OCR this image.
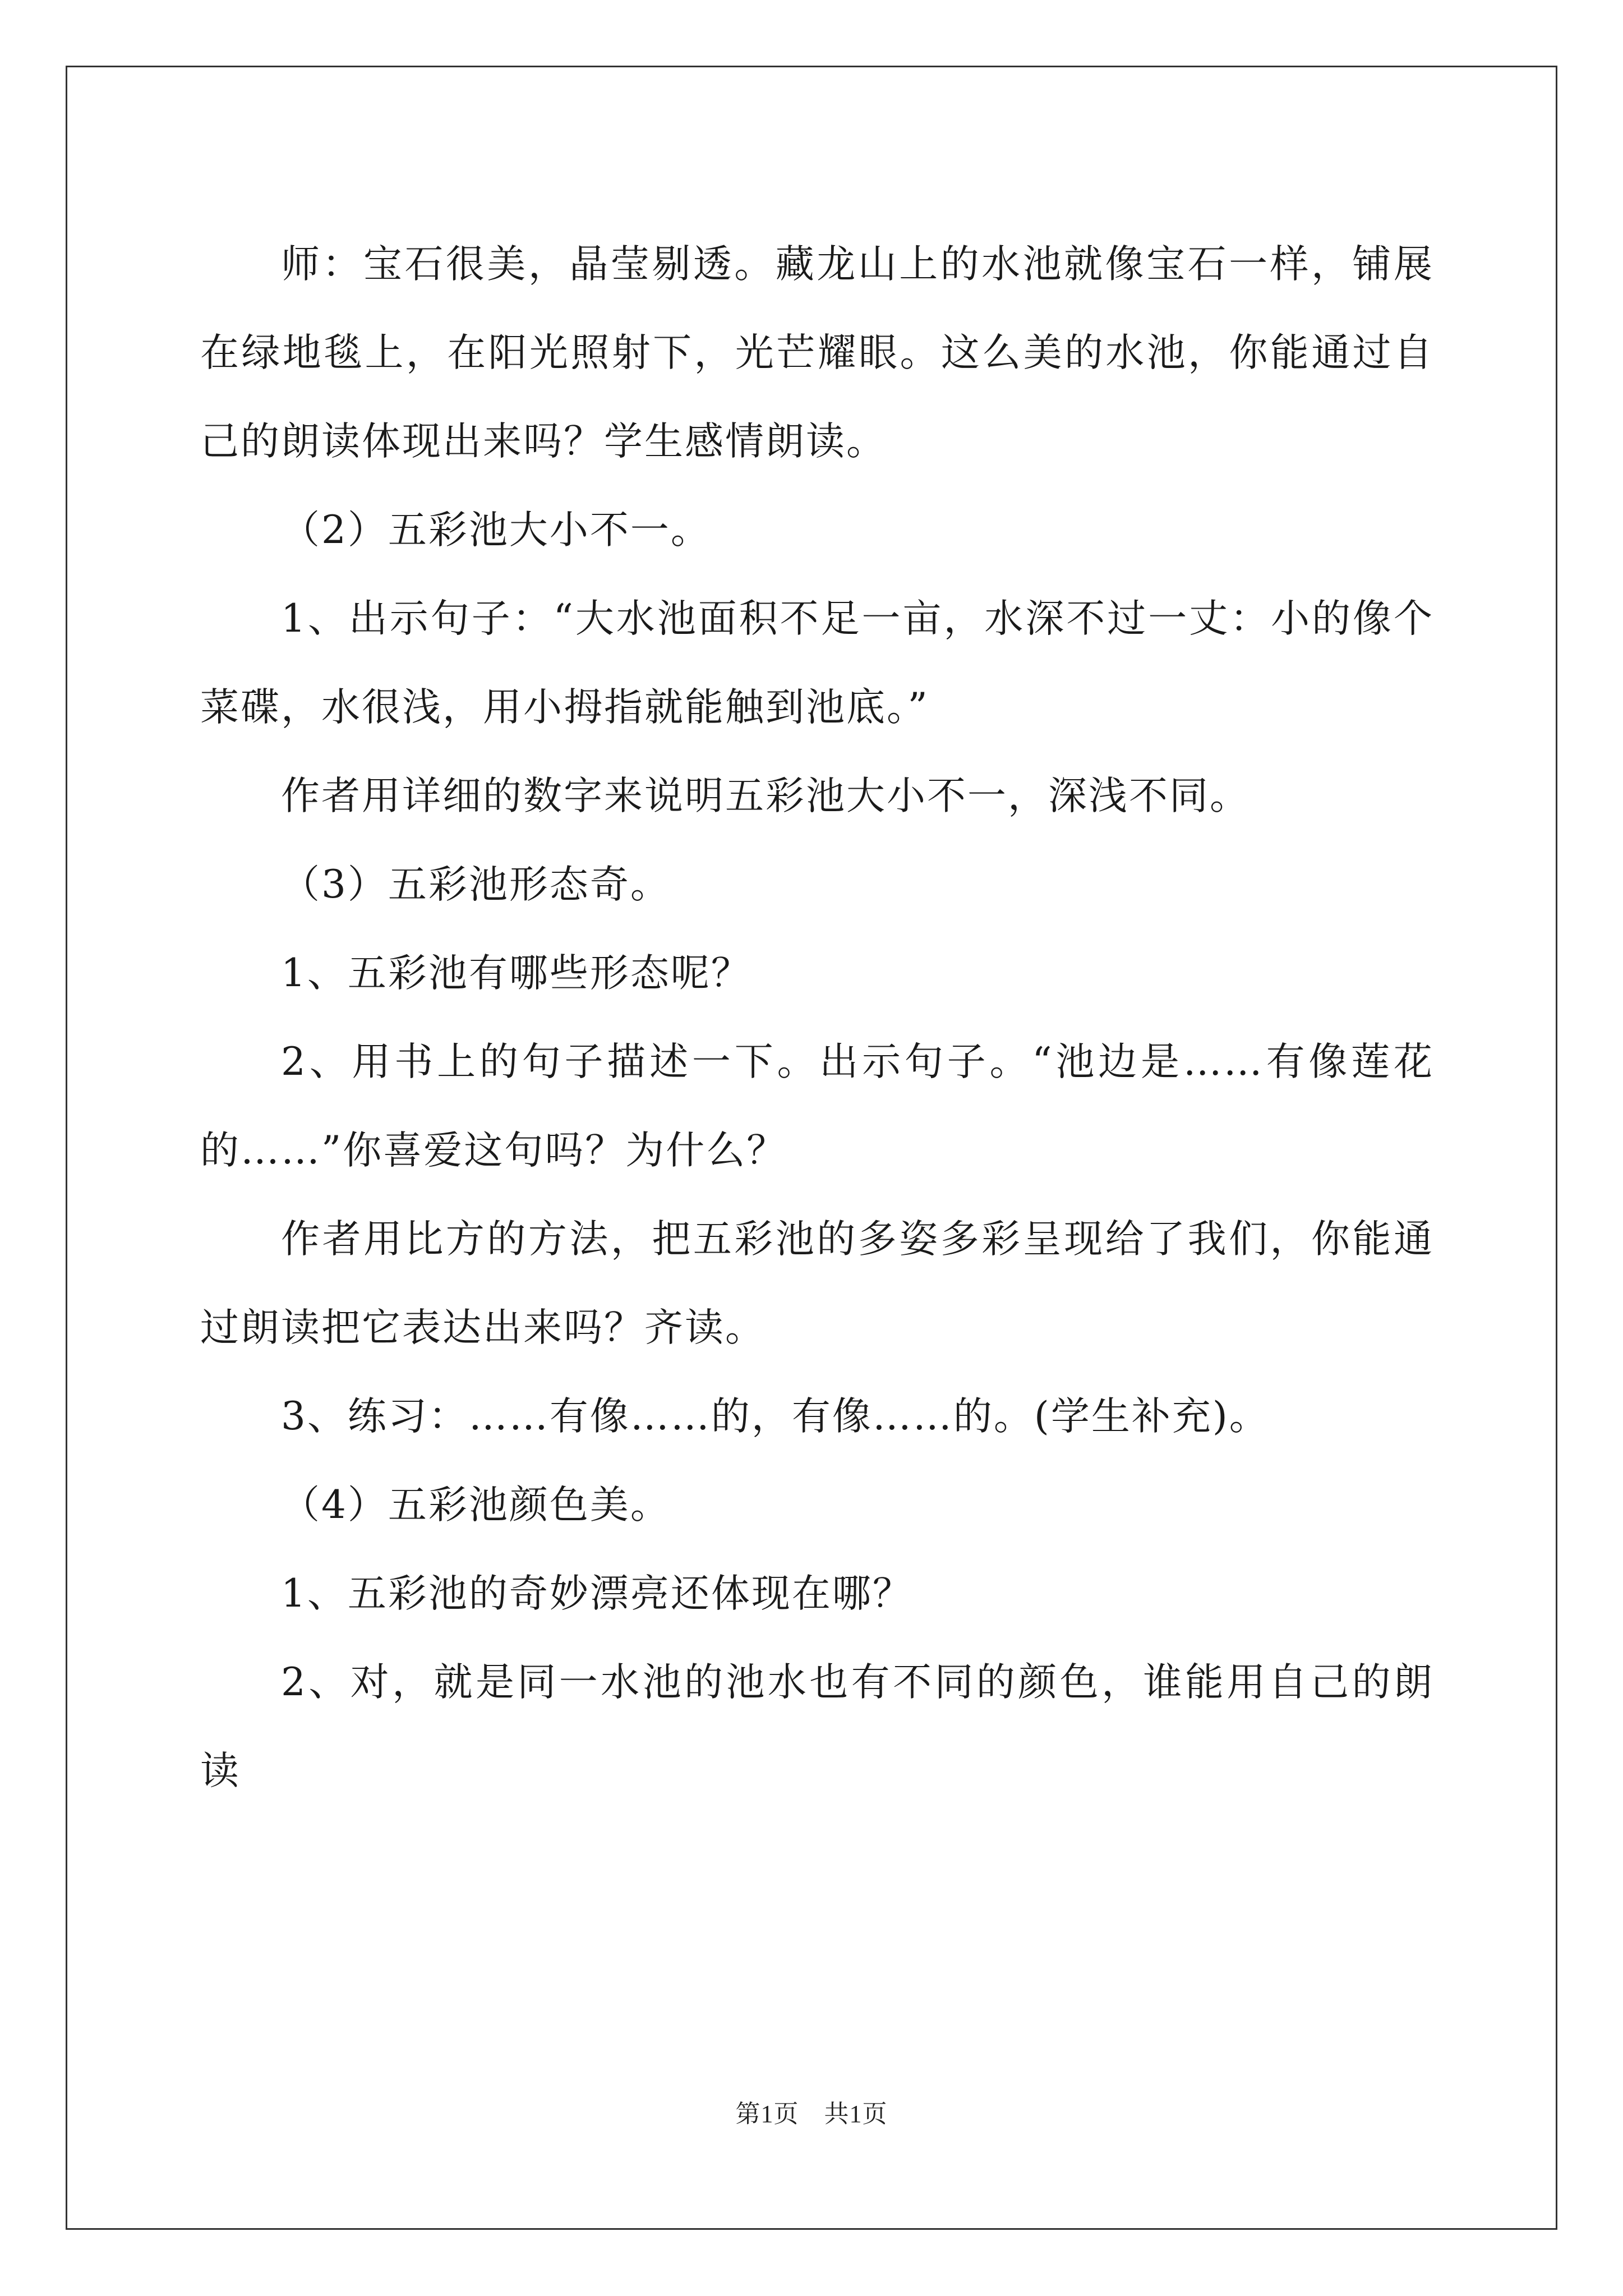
师：宝石很美，晶莹剔透。藏龙山上的水池就像宝石一样，铺展在绿地毯上，在阳光照射下，光芒耀眼。这么美的水池，你能通过自己的朗读体现出来吗？学生感情朗读。

（2）五彩池大小不一。

1、出示句子：“大水池面积不足一亩，水深不过一丈：小的像个菜碟，水很浅，用小拇指就能触到池底。”

作者用详细的数字来说明五彩池大小不一，深浅不同。

（3）五彩池形态奇。

1、五彩池有哪些形态呢？

2、用书上的句子描述一下。出示句子。“池边是……有像莲花的……”你喜爱这句吗？为什么？

作者用比方的方法，把五彩池的多姿多彩呈现给了我们，你能通过朗读把它表达出来吗？齐读。

3、练习：……有像……的，有像……的。(学生补充)。

（4）五彩池颜色美。

1、五彩池的奇妙漂亮还体现在哪？

2、对，就是同一水池的池水也有不同的颜色，谁能用自己的朗读

第1页　共1页
